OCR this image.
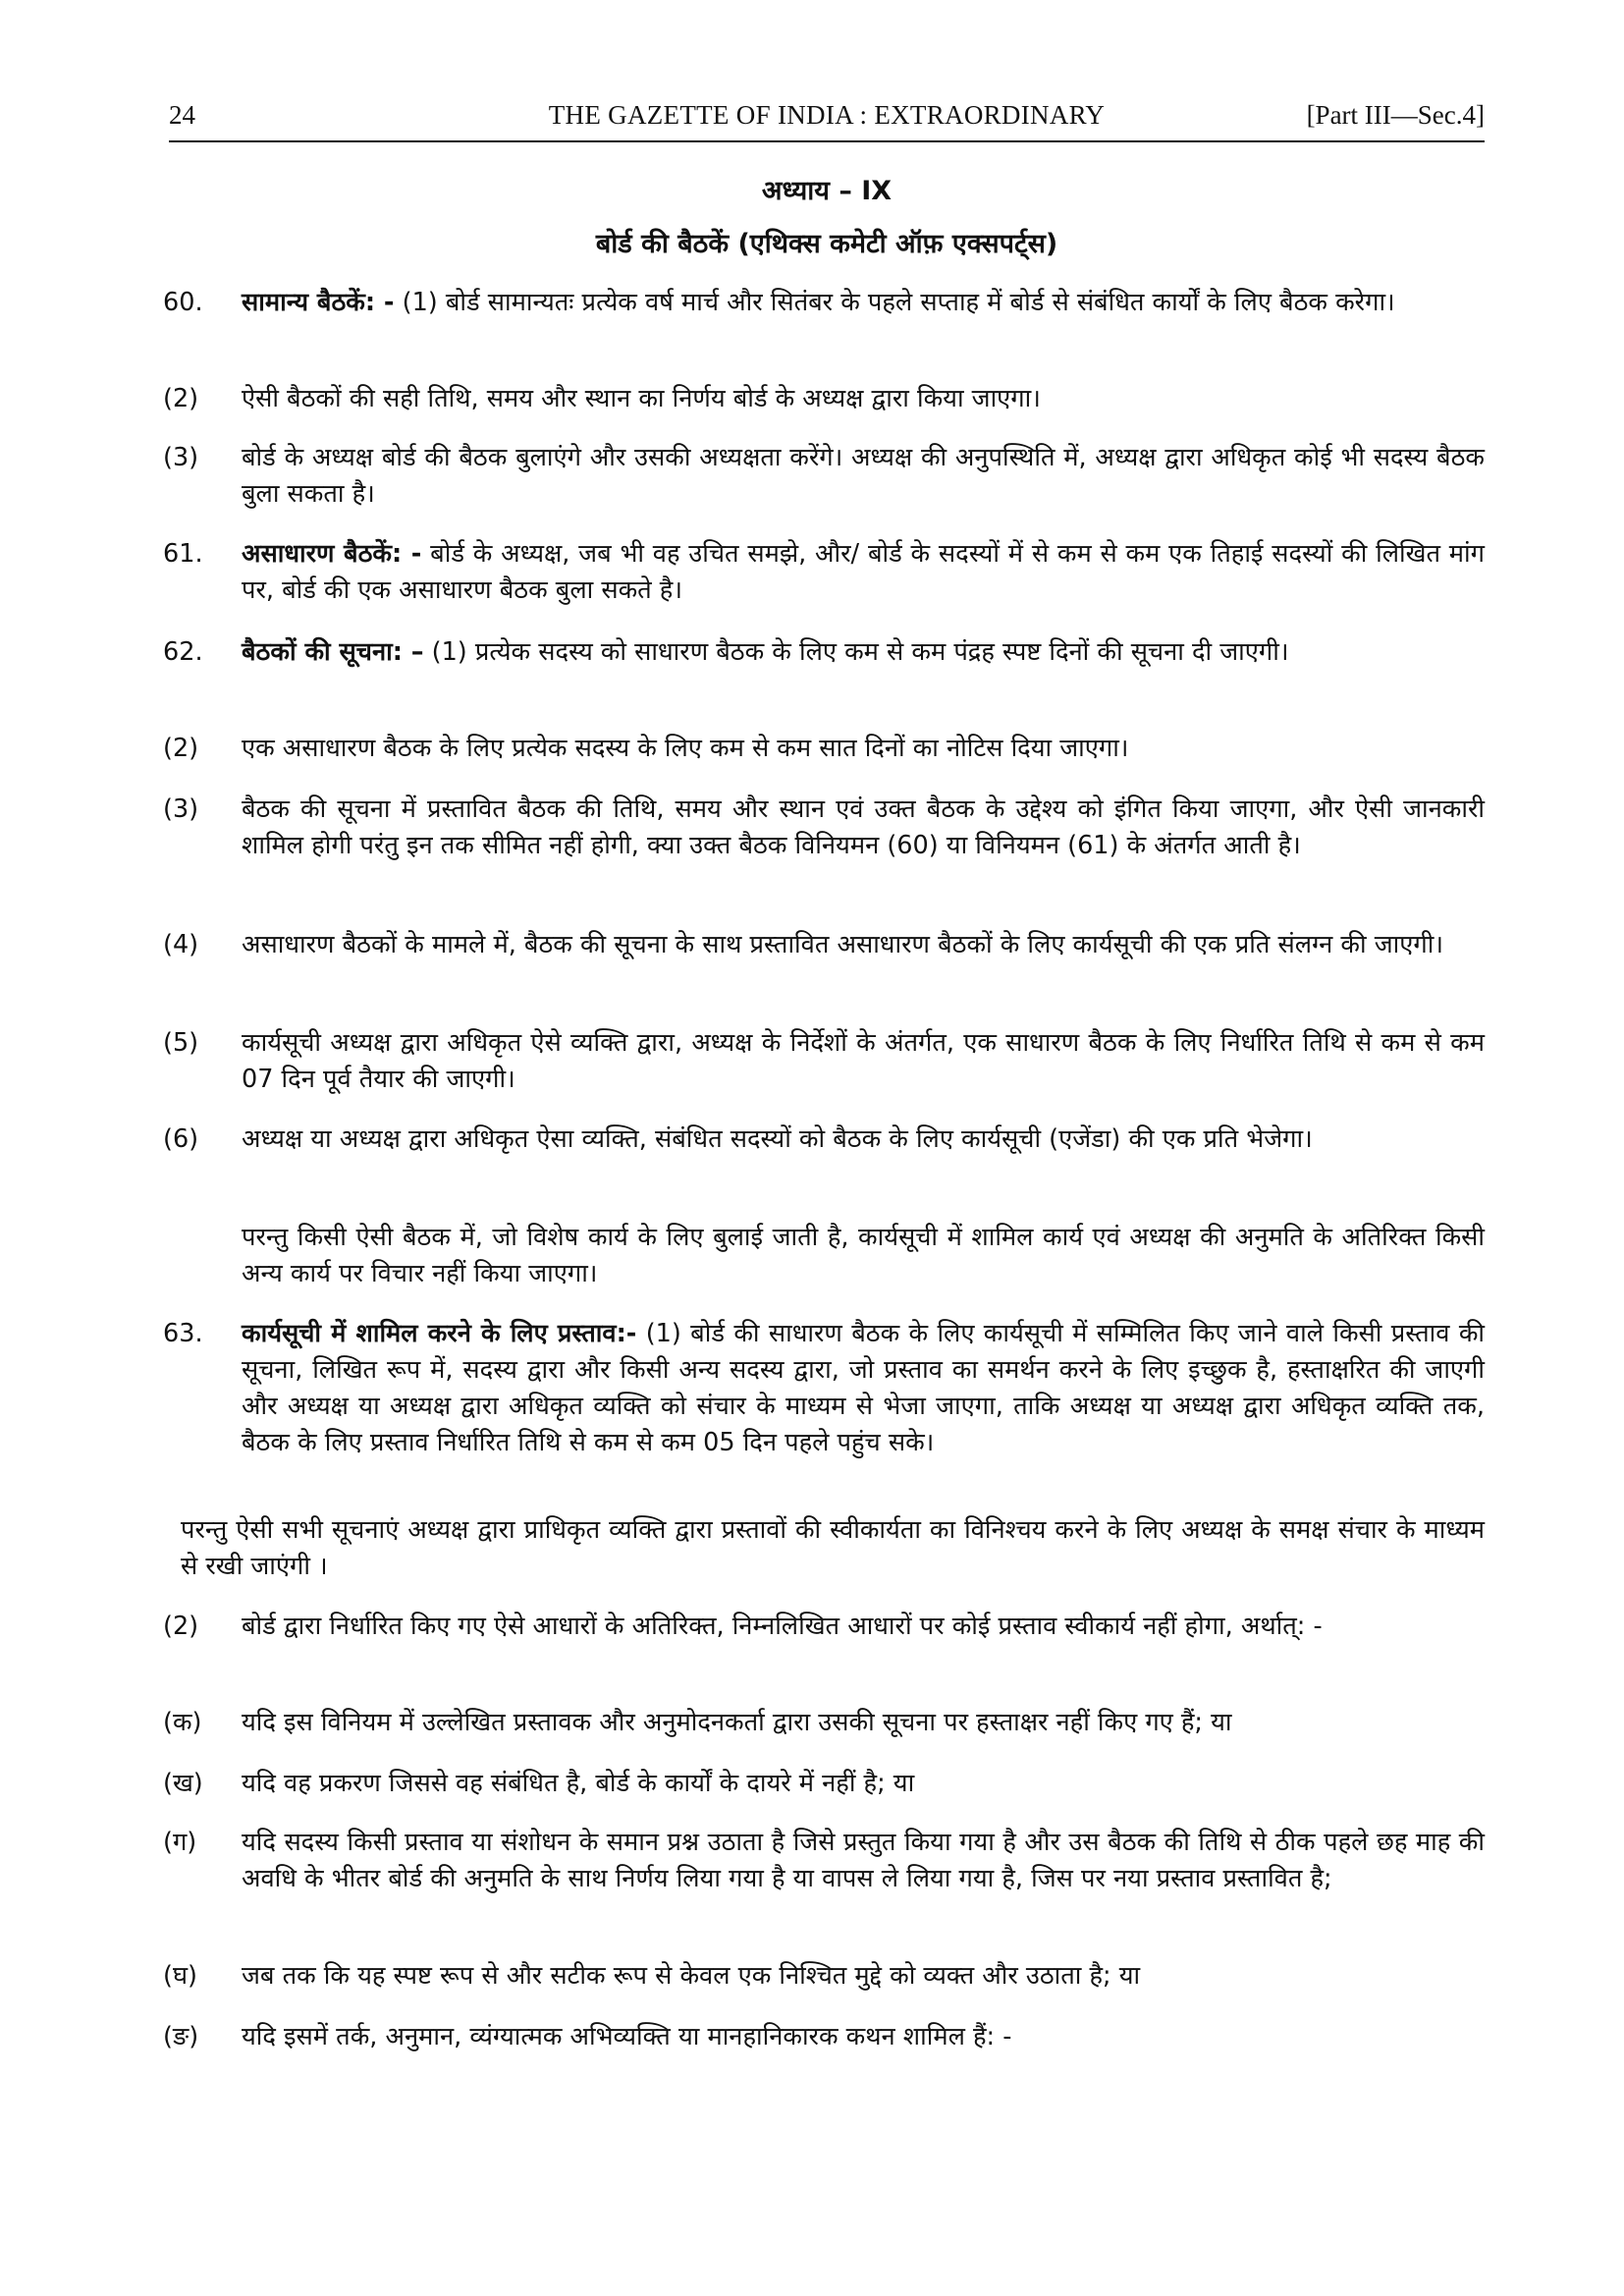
24	THE GAZETTE OF INDIA : EXTRAORDINARY	[Part III—Sec.4]
अध्याय – IX
बोर्ड की बैठकें (एथिक्स कमेटी ऑफ़ एक्सपर्ट्स)
60.	सामान्य बैठकें: - (1) बोर्ड सामान्यतः प्रत्येक वर्ष मार्च और सितंबर के पहले सप्ताह में बोर्ड से संबंधित कार्यों के लिए बैठक करेगा।
(2)	ऐसी बैठकों की सही तिथि, समय और स्थान का निर्णय बोर्ड के अध्यक्ष द्वारा किया जाएगा।
(3)	बोर्ड के अध्यक्ष बोर्ड की बैठक बुलाएंगे और उसकी अध्यक्षता करेंगे। अध्यक्ष की अनुपस्थिति में, अध्यक्ष द्वारा अधिकृत कोई भी सदस्य बैठक बुला सकता है।
61.	असाधारण बैठकें: - बोर्ड के अध्यक्ष, जब भी वह उचित समझे, और/ बोर्ड के सदस्यों में से कम से कम एक तिहाई सदस्यों की लिखित मांग पर, बोर्ड की एक असाधारण बैठक बुला सकते है।
62.	बैठकों की सूचना: – (1) प्रत्येक सदस्य को साधारण बैठक के लिए कम से कम पंद्रह स्पष्ट दिनों की सूचना दी जाएगी।
(2)	एक असाधारण बैठक के लिए प्रत्येक सदस्य के लिए कम से कम सात दिनों का नोटिस दिया जाएगा।
(3)	बैठक की सूचना में प्रस्तावित बैठक की तिथि, समय और स्थान एवं उक्त बैठक के उद्देश्य को इंगित किया जाएगा, और ऐसी जानकारी शामिल होगी परंतु इन तक सीमित नहीं होगी, क्या उक्त बैठक विनियमन (60) या विनियमन (61) के अंतर्गत आती है।
(4)	असाधारण बैठकों के मामले में, बैठक की सूचना के साथ प्रस्तावित असाधारण बैठकों के लिए कार्यसूची की एक प्रति संलग्न की जाएगी।
(5)	कार्यसूची अध्यक्ष द्वारा अधिकृत ऐसे व्यक्ति द्वारा, अध्यक्ष के निर्देशों के अंतर्गत, एक साधारण बैठक के लिए निर्धारित तिथि से कम से कम 07 दिन पूर्व तैयार की जाएगी।
(6)	अध्यक्ष या अध्यक्ष द्वारा अधिकृत ऐसा व्यक्ति, संबंधित सदस्यों को बैठक के लिए कार्यसूची (एजेंडा) की एक प्रति भेजेगा।
परन्तु किसी ऐसी बैठक में, जो विशेष कार्य के लिए बुलाई जाती है, कार्यसूची में शामिल कार्य एवं अध्यक्ष की अनुमति के अतिरिक्त किसी अन्य कार्य पर विचार नहीं किया जाएगा।
63.	कार्यसूची में शामिल करने के लिए प्रस्ताव:- (1) बोर्ड की साधारण बैठक के लिए कार्यसूची में सम्मिलित किए जाने वाले किसी प्रस्ताव की सूचना, लिखित रूप में, सदस्य द्वारा और किसी अन्य सदस्य द्वारा, जो प्रस्ताव का समर्थन करने के लिए इच्छुक है, हस्ताक्षरित की जाएगी और अध्यक्ष या अध्यक्ष द्वारा अधिकृत व्यक्ति को संचार के माध्यम से भेजा जाएगा, ताकि अध्यक्ष या अध्यक्ष द्वारा अधिकृत व्यक्ति तक, बैठक के लिए प्रस्ताव निर्धारित तिथि से कम से कम 05 दिन पहले पहुंच सके।
परन्तु ऐसी सभी सूचनाएं अध्यक्ष द्वारा प्राधिकृत व्यक्ति द्वारा प्रस्तावों की स्वीकार्यता का विनिश्चय करने के लिए अध्यक्ष के समक्ष संचार के माध्यम से रखी जाएंगी ।
(2)	बोर्ड द्वारा निर्धारित किए गए ऐसे आधारों के अतिरिक्त, निम्नलिखित आधारों पर कोई प्रस्ताव स्वीकार्य नहीं होगा, अर्थात्: -
(क)	यदि इस विनियम में उल्लेखित प्रस्तावक और अनुमोदनकर्ता द्वारा उसकी सूचना पर हस्ताक्षर नहीं किए गए हैं; या
(ख)	यदि वह प्रकरण जिससे वह संबंधित है, बोर्ड के कार्यों के दायरे में नहीं है; या
(ग)	यदि सदस्य किसी प्रस्ताव या संशोधन के समान प्रश्न उठाता है जिसे प्रस्तुत किया गया है और उस बैठक की तिथि से ठीक पहले छह माह की अवधि के भीतर बोर्ड की अनुमति के साथ निर्णय लिया गया है या वापस ले लिया गया है, जिस पर नया प्रस्ताव प्रस्तावित है;
(घ)	जब तक कि यह स्पष्ट रूप से और सटीक रूप से केवल एक निश्चित मुद्दे को व्यक्त और उठाता है; या
(ङ)	यदि इसमें तर्क, अनुमान, व्यंग्यात्मक अभिव्यक्ति या मानहानिकारक कथन शामिल हैं: -
